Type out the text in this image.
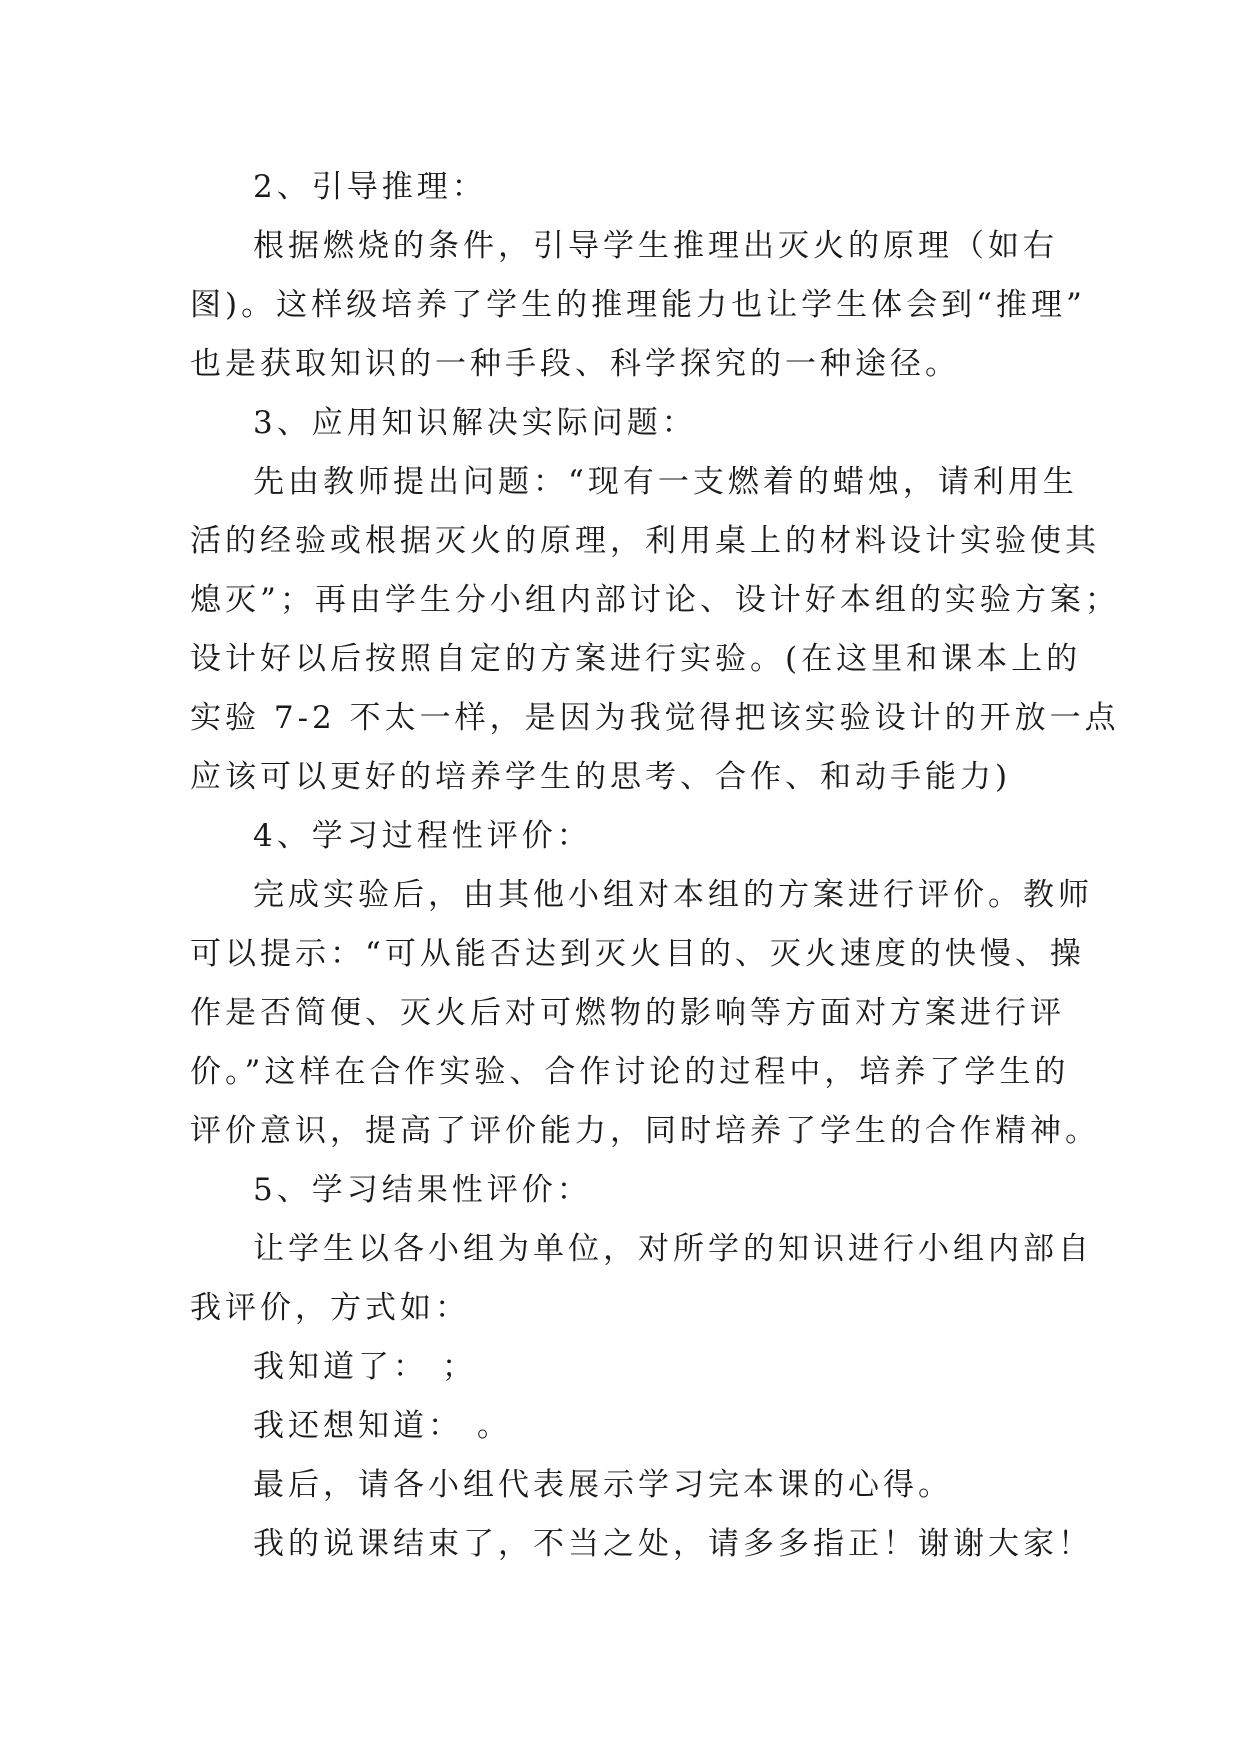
2、引导推理：
根据燃烧的条件，引导学生推理出灭火的原理（如右
图)。这样级培养了学生的推理能力也让学生体会到“推理”
也是获取知识的一种手段、科学探究的一种途径。
3、应用知识解决实际问题：
先由教师提出问题：“现有一支燃着的蜡烛，请利用生
活的经验或根据灭火的原理，利用桌上的材料设计实验使其
熄灭”；再由学生分小组内部讨论、设计好本组的实验方案；
设计好以后按照自定的方案进行实验。(在这里和课本上的
实验 7-2 不太一样，是因为我觉得把该实验设计的开放一点
应该可以更好的培养学生的思考、合作、和动手能力)
4、学习过程性评价：
完成实验后，由其他小组对本组的方案进行评价。教师
可以提示：“可从能否达到灭火目的、灭火速度的快慢、操
作是否简便、灭火后对可燃物的影响等方面对方案进行评
价。”这样在合作实验、合作讨论的过程中，培养了学生的
评价意识，提高了评价能力，同时培养了学生的合作精神。
5、学习结果性评价：
让学生以各小组为单位，对所学的知识进行小组内部自
我评价，方式如：
我知道了： ；
我还想知道： 。
最后，请各小组代表展示学习完本课的心得。
我的说课结束了，不当之处，请多多指正！谢谢大家！
